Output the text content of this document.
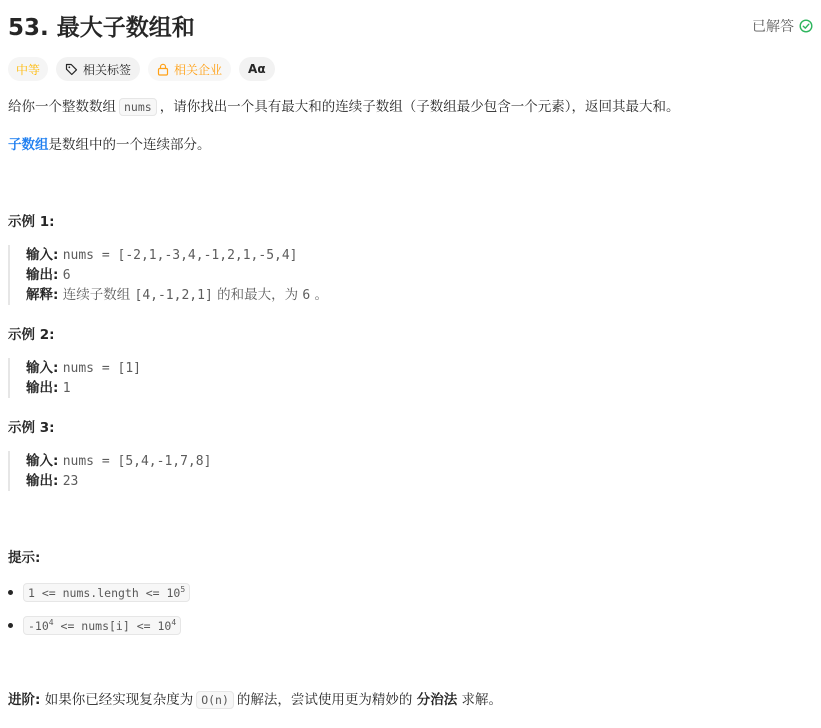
53. 最大子数组和	已解答
中等	相关标签	相关企业 Aα
给你一个整数数组 nums ，请你找出一个具有最大和的连续子数组（子数组最少包含一个元素），返回其最大和。
子数组是数组中的一个连续部分。
示例 1:
输入: nums = [-2,1,-3,4,-1,2,1,-5,4]
输出: 6
解释: 连续子数组 [4,-1,2,1] 的和最大，为 6 。
示例 2:
输入: nums = [1]
输出: 1
示例 3:
输入: nums = [5,4,-1,7,8]
输出: 23
提示:
1 <= nums.length <= $10^5$
$-10^4$ <= nums[i] <= $10^4$
进阶: 如果你已经实现复杂度为 O(n) 的解法，尝试使用更为精妙的 分治法 求解。
